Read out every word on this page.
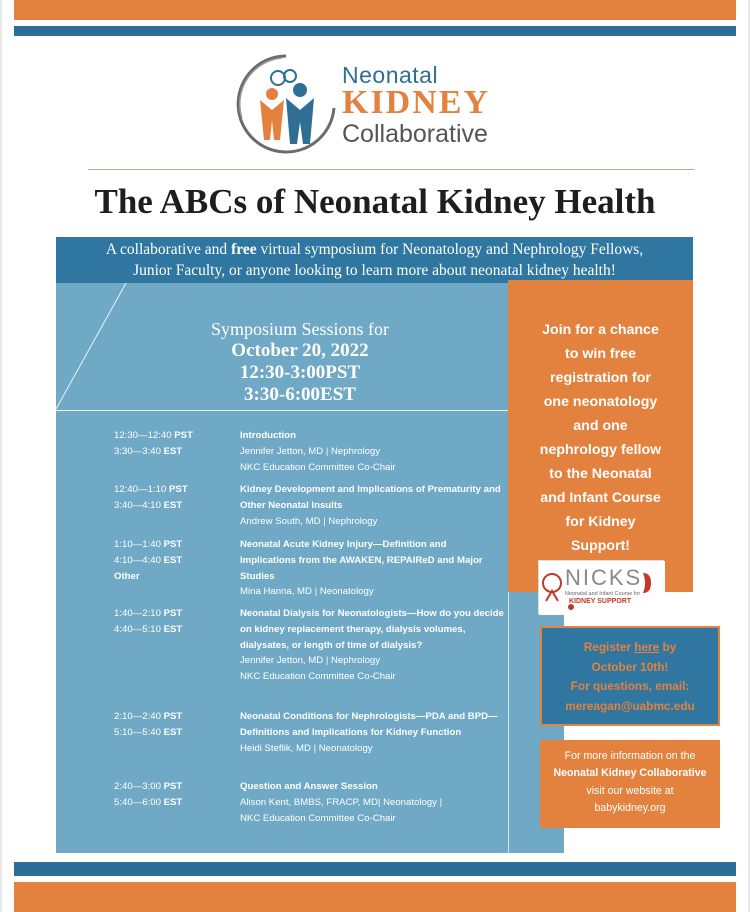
Neonatal
KIDNEY
Collaborative
The ABCs of Neonatal Kidney Health
A collaborative and free virtual symposium for Neonatology and Nephrology Fellows,
Junior Faculty, or anyone looking to learn more about neonatal kidney health!
Symposium Sessions for
October 20, 2022
12:30-3:00PST
3:30-6:00EST
12:30—12:40 PST
3:30—3:40 EST
Introduction
Jennifer Jetton, MD | Nephrology
NKC Education Committee Co-Chair
12:40—1:10 PST
3:40—4:10 EST
Kidney Development and Implications of Prematurity and Other Neonatal Insults
Andrew South, MD | Nephrology
1:10—1:40 PST
4:10—4:40 EST
Other
Neonatal Acute Kidney Injury—Definition and Implications from the AWAKEN, REPAIReD and Major Studies
Mina Hanna, MD | Neonatology
1:40—2:10 PST
4:40—5:10 EST
Neonatal Dialysis for Neonatologists—How do you decide on kidney replacement therapy, dialysis volumes, dialysates, or length of time of dialysis?
Jennifer Jetton, MD | Nephrology
NKC Education Committee Co-Chair
2:10—2:40 PST
5:10—5:40 EST
Neonatal Conditions for Nephrologists—PDA and BPD—Definitions and Implications for Kidney Function
Heidi Steflik, MD | Neonatology
2:40—3:00 PST
5:40—6:00 EST
Question and Answer Session
Alison Kent, BMBS, FRACP, MD| Neonatology |
NKC Education Committee Co-Chair
Join for a chance
to win free
registration for
one neonatology
and one
nephrology fellow
to the Neonatal
and Infant Course
for Kidney
Support!
NICKS
Neonatal and Infant Course for
KIDNEY SUPPORT
Register here by
October 10th!
For questions, email:
mereagan@uabmc.edu
For more information on the
Neonatal Kidney Collaborative
visit our website at
babykidney.org
